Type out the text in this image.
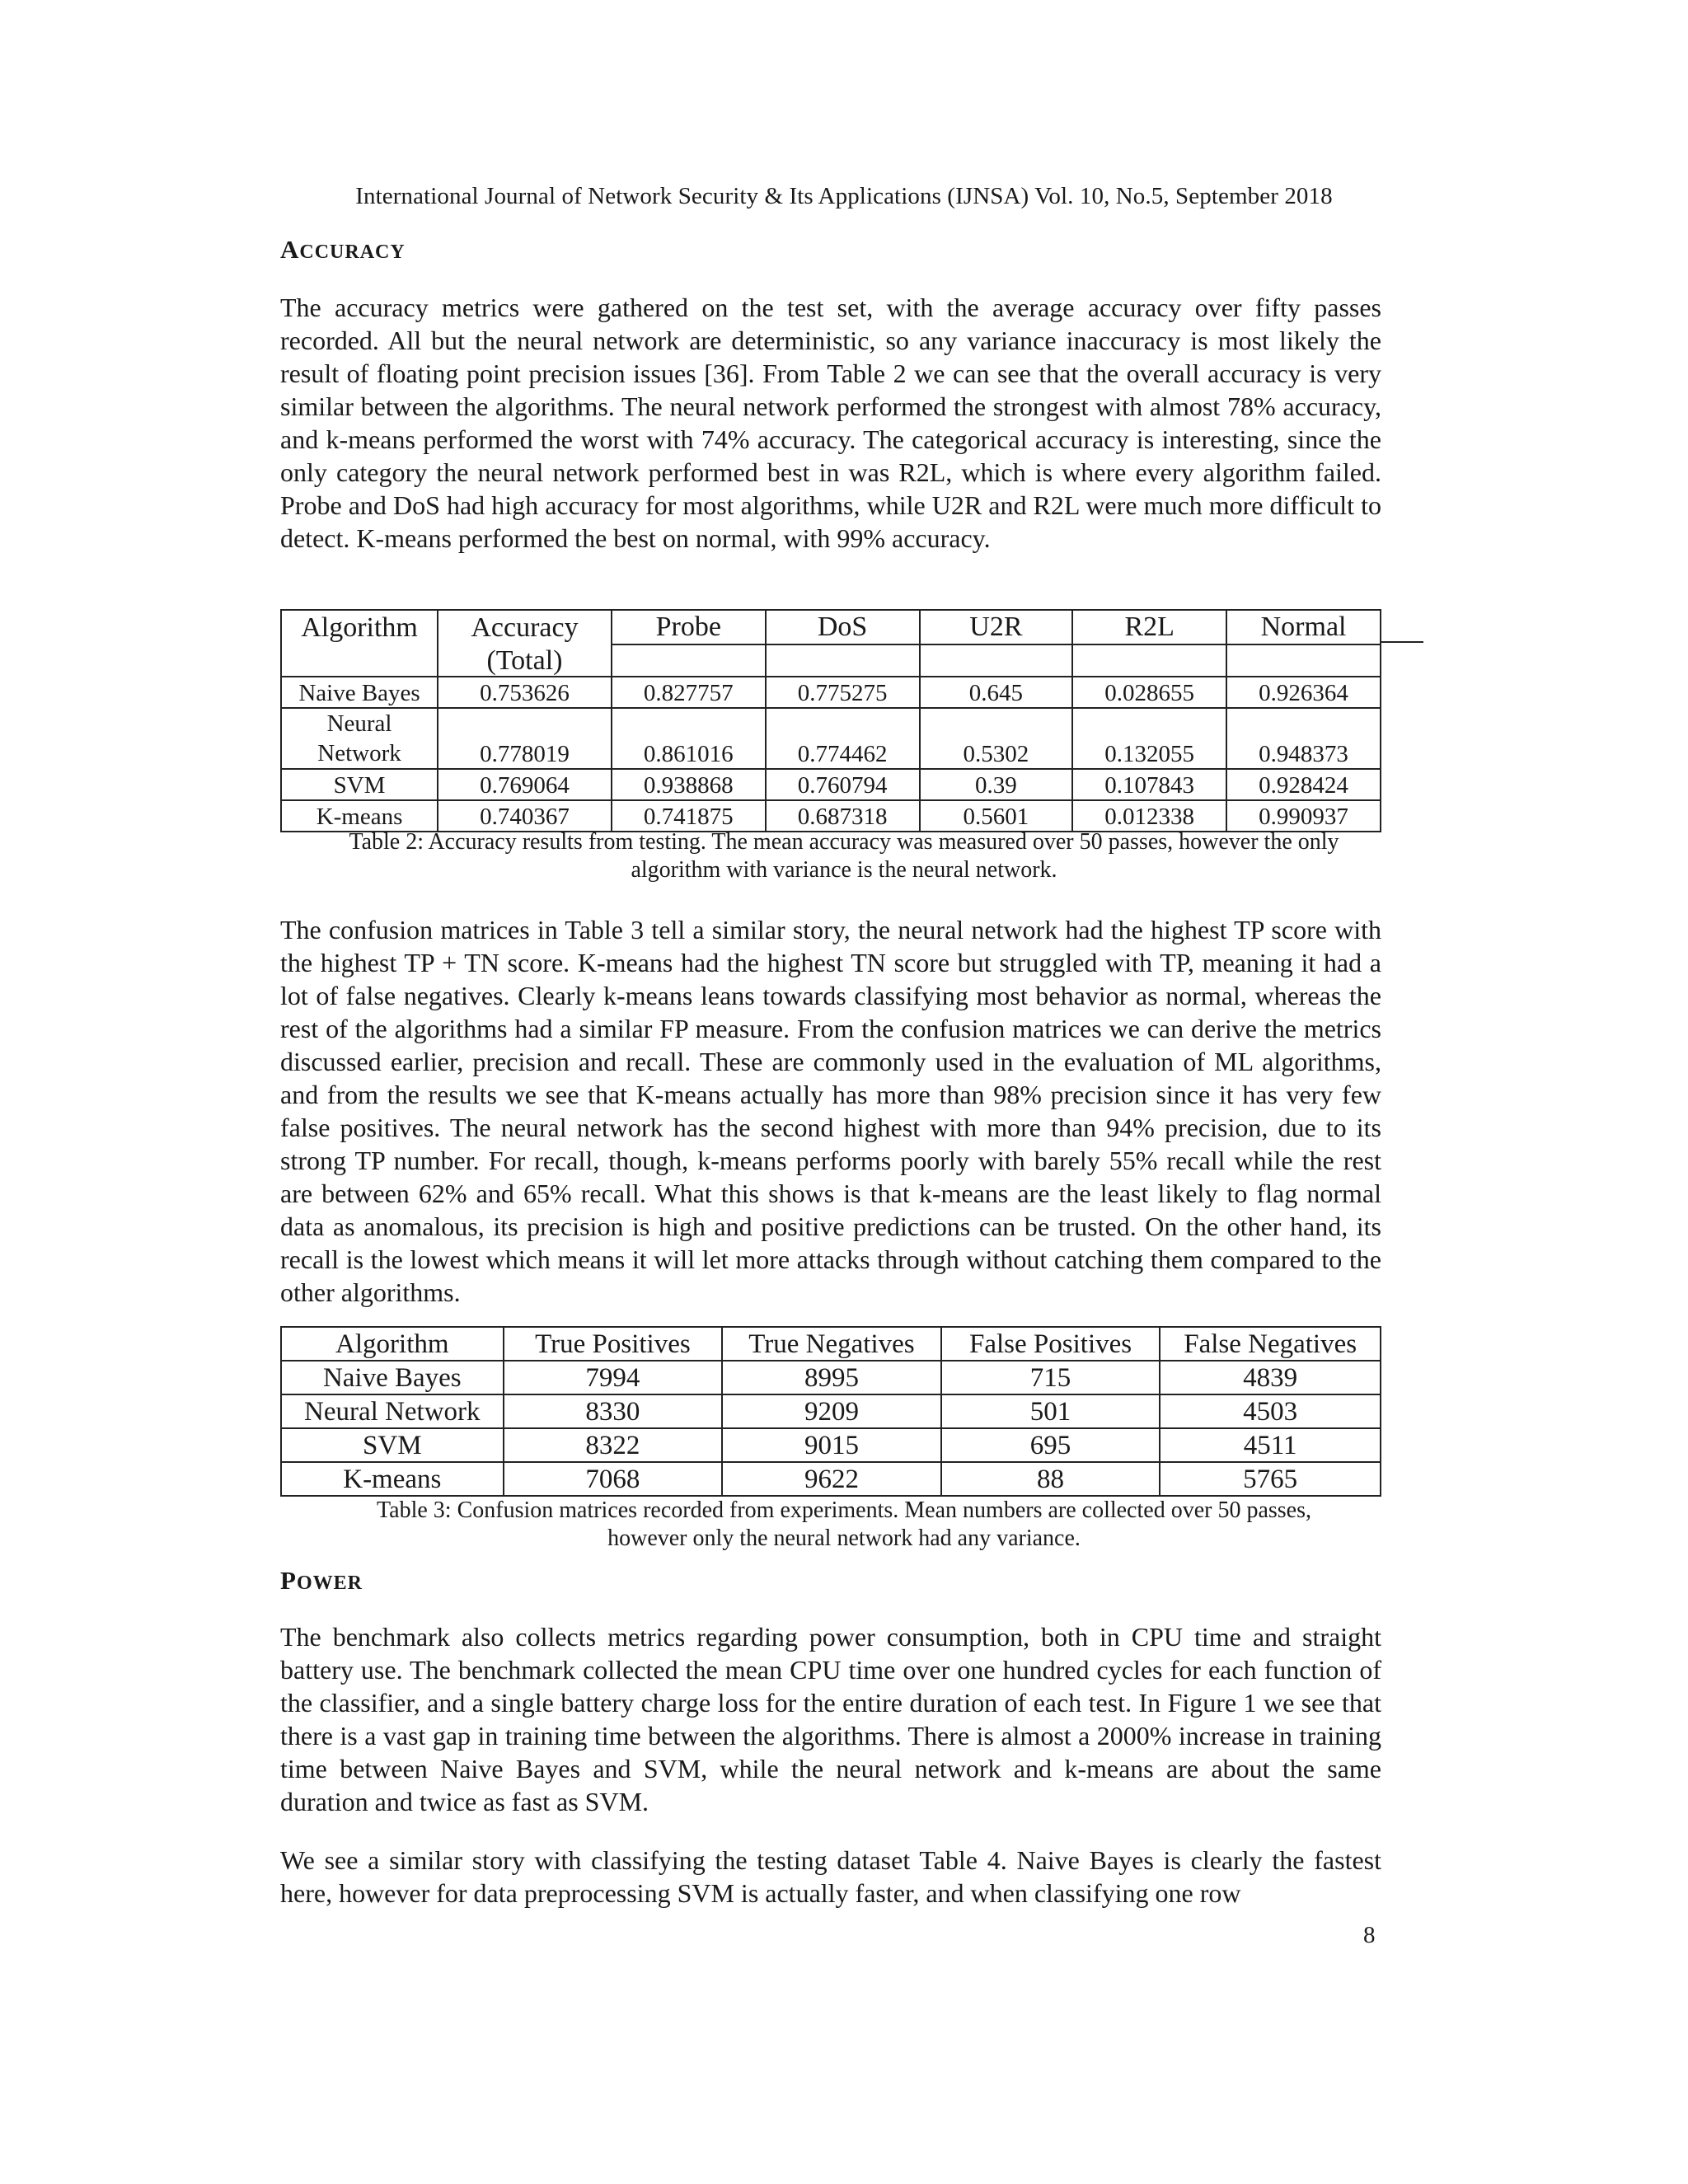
International Journal of Network Security & Its Applications (IJNSA) Vol. 10, No.5, September 2018
ACCURACY
The accuracy metrics were gathered on the test set, with the average accuracy over fifty passes recorded. All but the neural network are deterministic, so any variance inaccuracy is most likely the result of floating point precision issues [36]. From Table 2 we can see that the overall accuracy is very similar between the algorithms. The neural network performed the strongest with almost 78% accuracy, and k-means performed the worst with 74% accuracy. The categorical accuracy is interesting, since the only category the neural network performed best in was R2L, which is where every algorithm failed. Probe and DoS had high accuracy for most algorithms, while U2R and R2L were much more difficult to detect. K-means performed the best on normal, with 99% accuracy.
Algorithm	Accuracy	Probe	DoS	U2R	R2L	Normal
	(Total)					
Naive Bayes	0.753626	0.827757	0.775275	0.645	0.028655	0.926364

Neural
Network	0.778019	0.861016	0.774462	0.5302	0.132055	0.948373
SVM	0.769064	0.938868	0.760794	0.39	0.107843	0.928424
K-means	0.740367	0.741875	0.687318	0.5601	0.012338	0.990937
Table 2: Accuracy results from testing. The mean accuracy was measured over 50 passes, however the only
algorithm with variance is the neural network.
The confusion matrices in Table 3 tell a similar story, the neural network had the highest TP score with the highest TP + TN score. K-means had the highest TN score but struggled with TP, meaning it had a lot of false negatives. Clearly k-means leans towards classifying most behavior as normal, whereas the rest of the algorithms had a similar FP measure. From the confusion matrices we can derive the metrics discussed earlier, precision and recall. These are commonly used in the evaluation of ML algorithms, and from the results we see that K-means actually has more than 98% precision since it has very few false positives. The neural network has the second highest with more than 94% precision, due to its strong TP number. For recall, though, k-means performs poorly with barely 55% recall while the rest are between 62% and 65% recall. What this shows is that k-means are the least likely to flag normal data as anomalous, its precision is high and positive predictions can be trusted. On the other hand, its recall is the lowest which means it will let more attacks through without catching them compared to the other algorithms.
Algorithm	True Positives	True Negatives	False Positives	False Negatives
Naive Bayes	7994	8995	715	4839
Neural Network	8330	9209	501	4503
SVM	8322	9015	695	4511
K-means	7068	9622	88	5765
Table 3: Confusion matrices recorded from experiments. Mean numbers are collected over 50 passes,
however only the neural network had any variance.
POWER
The benchmark also collects metrics regarding power consumption, both in CPU time and straight battery use. The benchmark collected the mean CPU time over one hundred cycles for each function of the classifier, and a single battery charge loss for the entire duration of each test. In Figure 1 we see that there is a vast gap in training time between the algorithms. There is almost a 2000% increase in training time between Naive Bayes and SVM, while the neural network and k-means are about the same duration and twice as fast as SVM.
We see a similar story with classifying the testing dataset Table 4. Naive Bayes is clearly the fastest here, however for data preprocessing SVM is actually faster, and when classifying one row
8
